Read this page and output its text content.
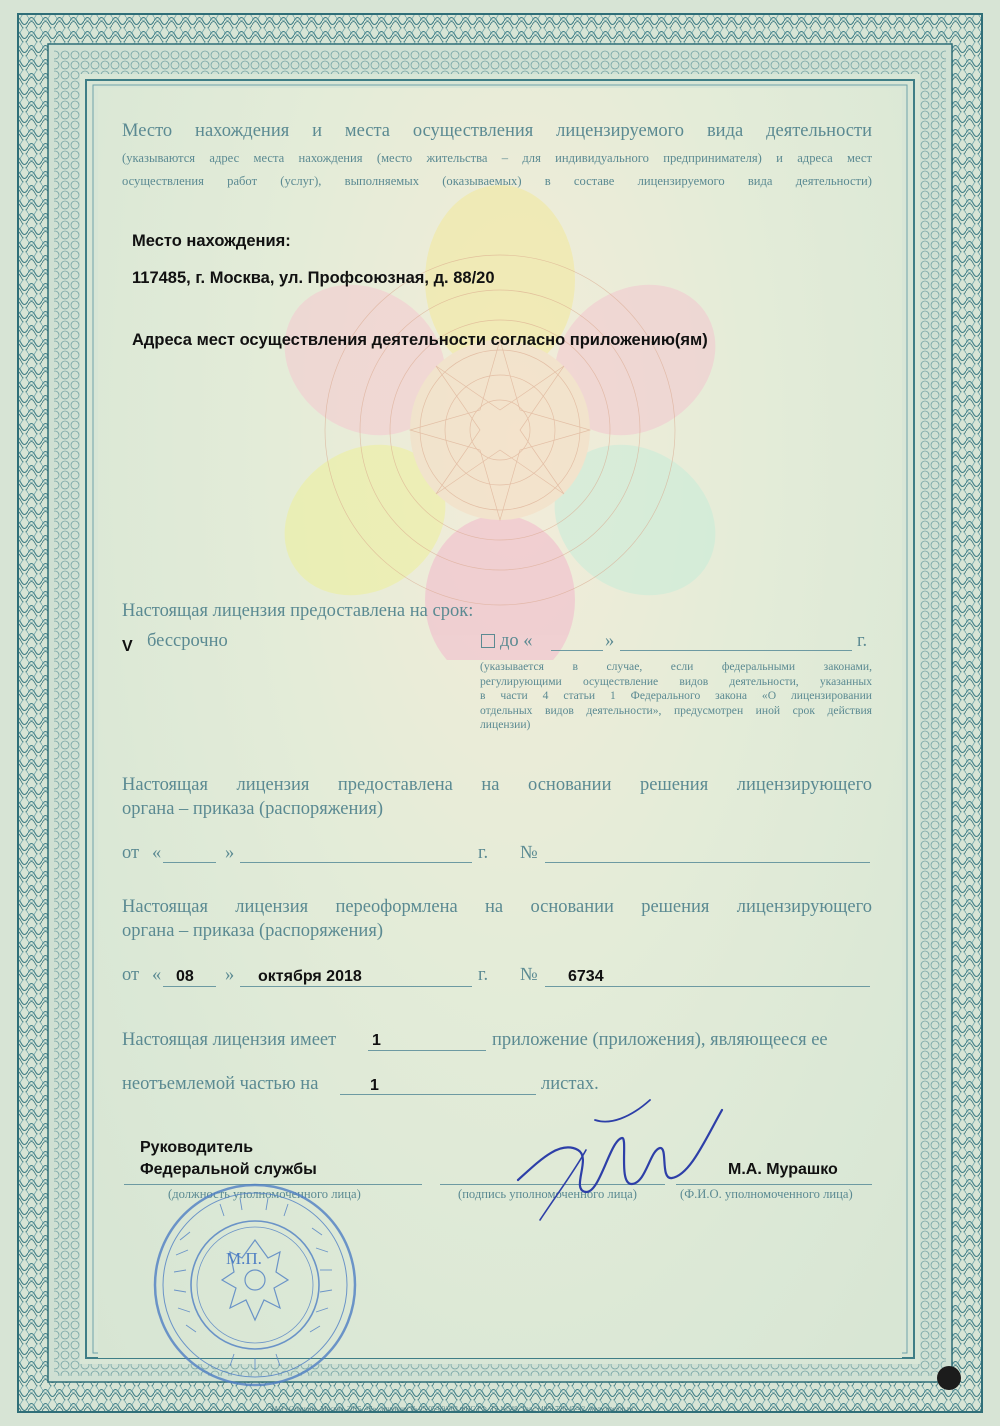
Место нахождения и места осуществления лицензируемого вида деятельности
(указываются адрес места нахождения (место жительства – для индивидуального предпринимателя) и адреса мест
осуществления работ (услуг), выполняемых (оказываемых) в составе лицензируемого вида деятельности)
Место нахождения:
117485, г. Москва, ул. Профсоюзная, д. 88/20
Адреса мест осуществления деятельности согласно приложению(ям)
Настоящая лицензия предоставлена на срок:
V бессрочно	до «	»	г.
(указывается в случае, если федеральными законами,
регулирующими осуществление видов деятельности, указанных
в части 4 статьи 1 Федерального закона «О лицензировании
отдельных видов деятельности», предусмотрен иной срок действия
лицензии)
Настоящая лицензия предоставлена на основании решения лицензирующего
органа – приказа (распоряжения)
от «	»	г. №
Настоящая лицензия переоформлена на основании решения лицензирующего
органа – приказа (распоряжения)
от « 08 » октября 2018	г. № 6734
Настоящая лицензия имеет 1	приложение (приложения), являющееся ее
неотъемлемой частью на	1	листах.
Руководитель
Федеральной службы
(должность уполномоченного лица)	(подпись уполномоченного лица)
М.А. Мурашко
(Ф.И.О. уполномоченного лица)
М.П.
ЗАО «Опцион», Москва, 2015, «Б», лицензия № 05-05-09/003 ФНС РФ, ТЗ №548. Тел.: (495) 726-47-42, www.opcion.ru
